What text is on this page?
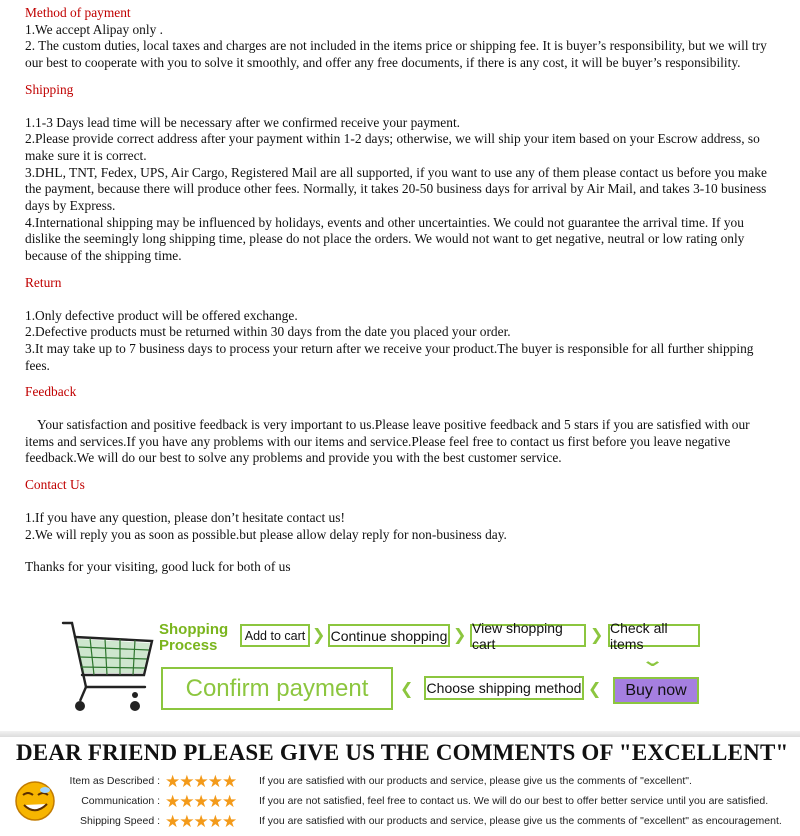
Method of payment

1.We accept Alipay only .

2. The custom duties, local taxes and charges are not included in the items price or shipping fee. It is buyer’s responsibility, but we will try our best to cooperate with you to solve it smoothly, and offer any free documents, if there is any cost, it will be buyer’s responsibility.

Shipping

1.1-3 Days lead time will be necessary after we confirmed receive your payment.

2.Please provide correct address after your payment within 1-2 days; otherwise, we will ship your item based on your Escrow address, so make sure it is correct.

3.DHL, TNT, Fedex, UPS, Air Cargo, Registered Mail are all supported, if you want to use any of them please contact us before you make the payment, because there will produce other fees. Normally, it takes 20-50 business days for arrival by Air Mail, and takes 3-10 business days by Express.

4.International shipping may be influenced by holidays, events and other uncertainties. We could not guarantee the arrival time. If you dislike the seemingly long shipping time, please do not place the orders. We would not want to get negative, neutral or low rating only because of the shipping time.

Return

1.Only defective product will be offered exchange.

2.Defective products must be returned within 30 days from the date you placed your order.

3.It may take up to 7 business days to process your return after we receive your product.The buyer is responsible for all further shipping fees.

Feedback

Your satisfaction and positive feedback is very important to us.Please leave positive feedback and 5 stars if you are satisfied with our items and services.If you have any problems with our items and service.Please feel free to contact us first before you leave negative feedback.We will do our best to solve any problems and provide you with the best customer service.

Contact Us

1.If you have any question, please don’t hesitate contact us!

2.We will reply you as soon as possible.but please allow delay reply for non-business day.

Thanks for your visiting, good luck for both of us

Shopping
Process
Add to cart ❯ Continue shopping ❯ View shopping cart	❯ Check all items
⌄
Confirm payment	❮ Choose shipping method ❮	Buy now
DEAR FRIEND PLEASE GIVE US THE COMMENTS OF "EXCELLENT"
Item as Described : ★★★★★ If you are satisfied with our products and service, please give us the comments of "excellent".
Communication : ★★★★★ If you are not satisfied, feel free to contact us. We will do our best to offer better service until you are satisfied.
Shipping Speed : ★★★★★ If you are satisfied with our products and service, please give us the comments of "excellent" as encouragement.
